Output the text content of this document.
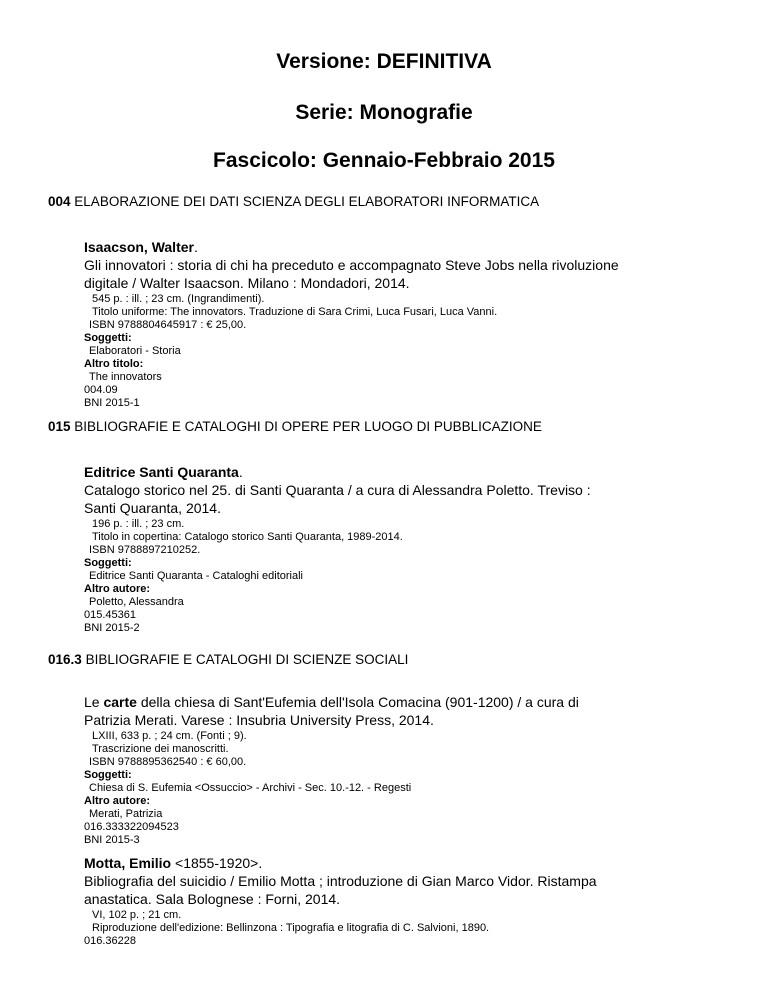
Versione: DEFINITIVA
Serie: Monografie
Fascicolo: Gennaio-Febbraio 2015
004 ELABORAZIONE DEI DATI SCIENZA DEGLI ELABORATORI INFORMATICA
Isaacson, Walter.
Gli innovatori : storia di chi ha preceduto e accompagnato Steve Jobs nella rivoluzione
digitale / Walter Isaacson. Milano : Mondadori, 2014.
545 p. : ill. ; 23 cm. (Ingrandimenti).
Titolo uniforme: The innovators. Traduzione di Sara Crimi, Luca Fusari, Luca Vanni.
ISBN 9788804645917 : € 25,00.
Soggetti:
Elaboratori - Storia
Altro titolo:
The innovators
004.09
BNI 2015-1
015 BIBLIOGRAFIE E CATALOGHI DI OPERE PER LUOGO DI PUBBLICAZIONE
Editrice Santi Quaranta.
Catalogo storico nel 25. di Santi Quaranta / a cura di Alessandra Poletto. Treviso :
Santi Quaranta, 2014.
196 p. : ill. ; 23 cm.
Titolo in copertina: Catalogo storico Santi Quaranta, 1989-2014.
ISBN 9788897210252.
Soggetti:
Editrice Santi Quaranta - Cataloghi editoriali
Altro autore:
Poletto, Alessandra
015.45361
BNI 2015-2
016.3 BIBLIOGRAFIE E CATALOGHI DI SCIENZE SOCIALI
Le carte della chiesa di Sant'Eufemia dell'Isola Comacina (901-1200) / a cura di
Patrizia Merati. Varese : Insubria University Press, 2014.
LXIII, 633 p. ; 24 cm. (Fonti ; 9).
Trascrizione dei manoscritti.
ISBN 9788895362540 : € 60,00.
Soggetti:
Chiesa di S. Eufemia <Ossuccio> - Archivi - Sec. 10.-12. - Regesti
Altro autore:
Merati, Patrizia
016.333322094523
BNI 2015-3
Motta, Emilio <1855-1920>.
Bibliografia del suicidio / Emilio Motta ; introduzione di Gian Marco Vidor. Ristampa
anastatica. Sala Bolognese : Forni, 2014.
VI, 102 p. ; 21 cm.
Riproduzione dell'edizione: Bellinzona : Tipografia e litografia di C. Salvioni, 1890.
016.36228
